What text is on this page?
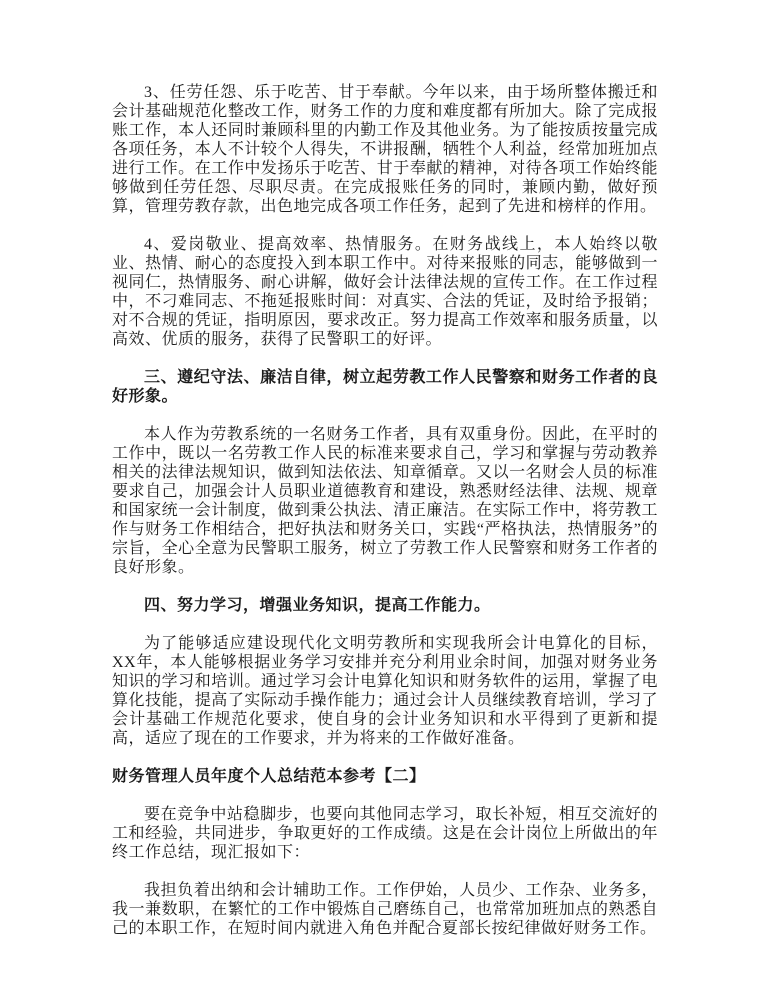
3、任劳任怨、乐于吃苦、甘于奉献。今年以来，由于场所整体搬迁和会计基础规范化整改工作，财务工作的力度和难度都有所加大。除了完成报账工作，本人还同时兼顾科里的内勤工作及其他业务。为了能按质按量完成各项任务，本人不计较个人得失，不讲报酬，牺牲个人利益，经常加班加点进行工作。在工作中发扬乐于吃苦、甘于奉献的精神，对待各项工作始终能够做到任劳任怨、尽职尽责。在完成报账任务的同时，兼顾内勤，做好预算，管理劳教存款，出色地完成各项工作任务，起到了先进和榜样的作用。

4、爱岗敬业、提高效率、热情服务。在财务战线上，本人始终以敬业、热情、耐心的态度投入到本职工作中。对待来报账的同志，能够做到一视同仁，热情服务、耐心讲解，做好会计法律法规的宣传工作。在工作过程中，不刁难同志、不拖延报账时间：对真实、合法的凭证，及时给予报销；对不合规的凭证，指明原因，要求改正。努力提高工作效率和服务质量，以高效、优质的服务，获得了民警职工的好评。

三、遵纪守法、廉洁自律，树立起劳教工作人民警察和财务工作者的良好形象。

本人作为劳教系统的一名财务工作者，具有双重身份。因此，在平时的工作中，既以一名劳教工作人民的标准来要求自己，学习和掌握与劳动教养相关的法律法规知识，做到知法依法、知章循章。又以一名财会人员的标准要求自己，加强会计人员职业道德教育和建设，熟悉财经法律、法规、规章和国家统一会计制度，做到秉公执法、清正廉洁。在实际工作中，将劳教工作与财务工作相结合，把好执法和财务关口，实践“严格执法，热情服务”的宗旨，全心全意为民警职工服务，树立了劳教工作人民警察和财务工作者的良好形象。

四、努力学习，增强业务知识，提高工作能力。

为了能够适应建设现代化文明劳教所和实现我所会计电算化的目标，XX年，本人能够根据业务学习安排并充分利用业余时间，加强对财务业务知识的学习和培训。通过学习会计电算化知识和财务软件的运用，掌握了电算化技能，提高了实际动手操作能力；通过会计人员继续教育培训，学习了会计基础工作规范化要求，使自身的会计业务知识和水平得到了更新和提高，适应了现在的工作要求，并为将来的工作做好准备。

财务管理人员年度个人总结范本参考【二】

要在竞争中站稳脚步，也要向其他同志学习，取长补短，相互交流好的工和经验，共同进步，争取更好的工作成绩。这是在会计岗位上所做出的年终工作总结，现汇报如下：

我担负着出纳和会计辅助工作。工作伊始，人员少、工作杂、业务多，我一兼数职，在繁忙的工作中锻炼自己磨练自己，也常常加班加点的熟悉自己的本职工作，在短时间内就进入角色并配合夏部长按纪律做好财务工作。
